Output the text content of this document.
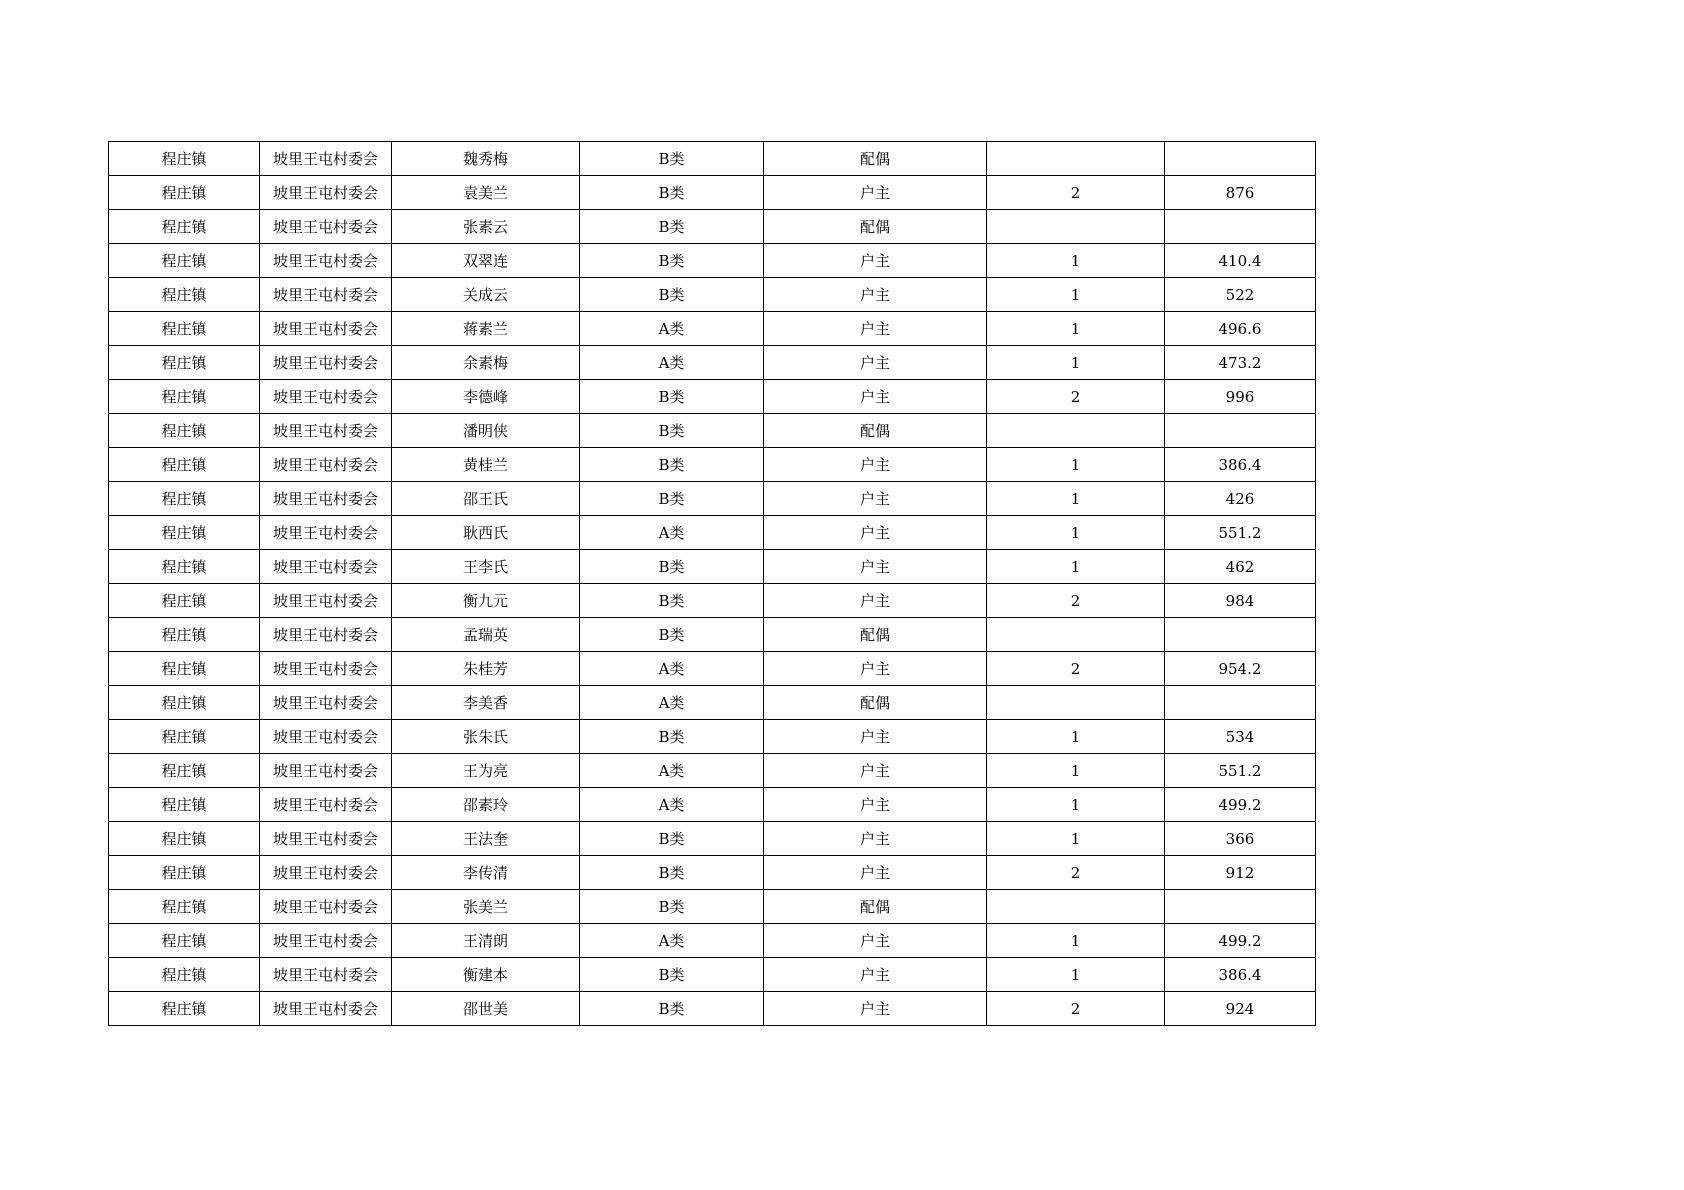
程庄镇	坡里王屯村委会	魏秀梅	B类	配偶		
程庄镇	坡里王屯村委会	袁美兰	B类	户主	2	876
程庄镇	坡里王屯村委会	张素云	B类	配偶		
程庄镇	坡里王屯村委会	双翠连	B类	户主	1	410.4
程庄镇	坡里王屯村委会	关成云	B类	户主	1	522
程庄镇	坡里王屯村委会	蒋素兰	A类	户主	1	496.6
程庄镇	坡里王屯村委会	余素梅	A类	户主	1	473.2
程庄镇	坡里王屯村委会	李德峰	B类	户主	2	996
程庄镇	坡里王屯村委会	潘明侠	B类	配偶		
程庄镇	坡里王屯村委会	黄桂兰	B类	户主	1	386.4
程庄镇	坡里王屯村委会	邵王氏	B类	户主	1	426
程庄镇	坡里王屯村委会	耿西氏	A类	户主	1	551.2
程庄镇	坡里王屯村委会	王李氏	B类	户主	1	462
程庄镇	坡里王屯村委会	衡九元	B类	户主	2	984
程庄镇	坡里王屯村委会	孟瑞英	B类	配偶		
程庄镇	坡里王屯村委会	朱桂芳	A类	户主	2	954.2
程庄镇	坡里王屯村委会	李美香	A类	配偶		
程庄镇	坡里王屯村委会	张朱氏	B类	户主	1	534
程庄镇	坡里王屯村委会	王为亮	A类	户主	1	551.2
程庄镇	坡里王屯村委会	邵素玲	A类	户主	1	499.2
程庄镇	坡里王屯村委会	王法奎	B类	户主	1	366
程庄镇	坡里王屯村委会	李传清	B类	户主	2	912
程庄镇	坡里王屯村委会	张美兰	B类	配偶		
程庄镇	坡里王屯村委会	王清朗	A类	户主	1	499.2
程庄镇	坡里王屯村委会	衡建本	B类	户主	1	386.4
程庄镇	坡里王屯村委会	邵世美	B类	户主	2	924
